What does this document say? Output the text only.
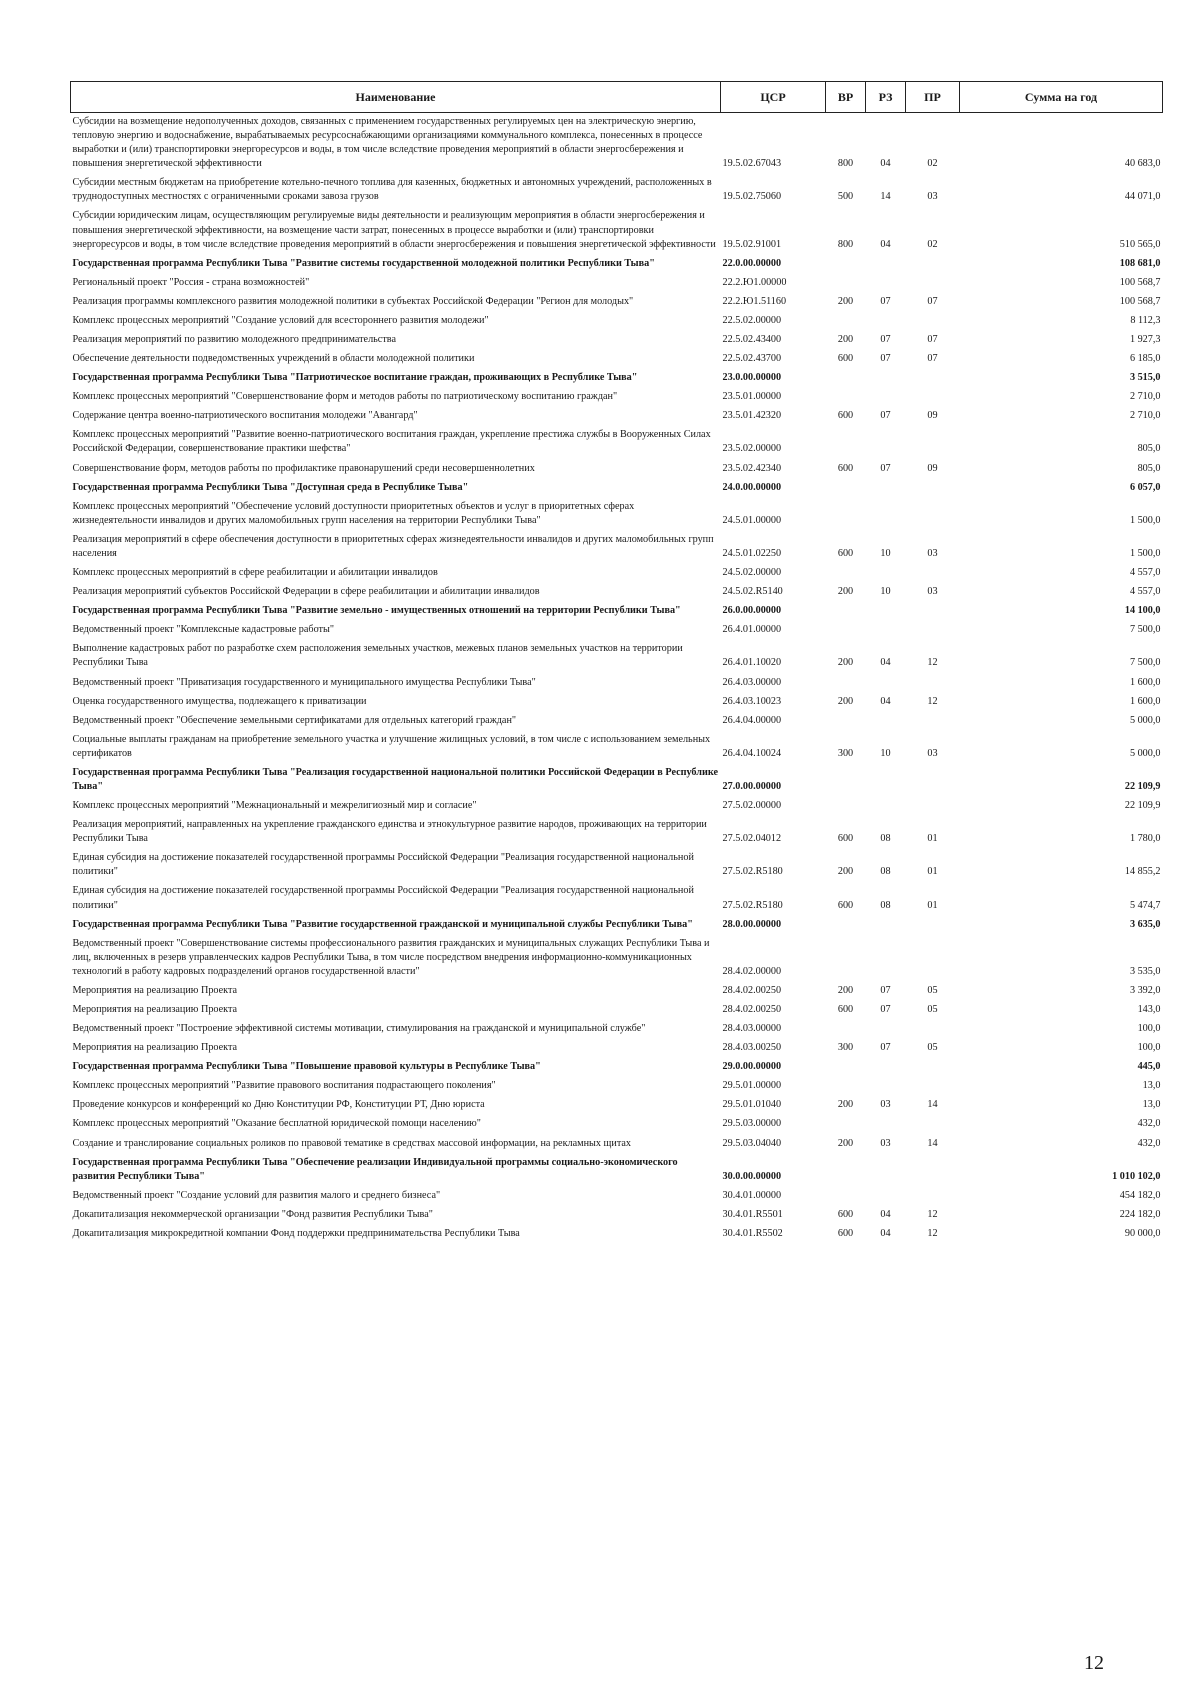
Наименование	ЦСР	ВР	РЗ	ПР	Сумма на год
Субсидии на возмещение недополученных доходов, связанных с применением государственных регулируемых цен на электрическую энергию, тепловую энергию и водоснабжение, вырабатываемых ресурсоснабжающими организациями коммунального комплекса, понесенных в процессе выработки и (или) транспортировки энергоресурсов и воды, в том числе вследствие проведения мероприятий в области энергосбережения и повышения энергетической эффективности	19.5.02.67043	800	04	02	40 683,0
Субсидии местным бюджетам на приобретение котельно-печного топлива для казенных, бюджетных и автономных учреждений, расположенных в труднодоступных местностях с ограниченными сроками завоза грузов	19.5.02.75060	500	14	03	44 071,0
Субсидии юридическим лицам, осуществляющим регулируемые виды деятельности и реализующим мероприятия в области энергосбережения и повышения энергетической эффективности, на возмещение части затрат, понесенных в процессе выработки и (или) транспортировки энергоресурсов и воды, в том числе вследствие проведения мероприятий в области энергосбережения и повышения энергетической эффективности	19.5.02.91001	800	04	02	510 565,0
Государственная программа Республики Тыва "Развитие системы государственной молодежной политики Республики Тыва"	22.0.00.00000				108 681,0
Региональный проект "Россия - страна возможностей"	22.2.Ю1.00000				100 568,7
Реализация программы комплексного развития молодежной политики в субъектах Российской Федерации "Регион для молодых"	22.2.Ю1.51160	200	07	07	100 568,7
Комплекс процессных мероприятий "Создание условий для всестороннего развития молодежи"	22.5.02.00000				8 112,3
Реализация мероприятий по развитию молодежного предпринимательства	22.5.02.43400	200	07	07	1 927,3
Обеспечение деятельности подведомственных учреждений в области молодежной политики	22.5.02.43700	600	07	07	6 185,0
Государственная программа Республики Тыва "Патриотическое воспитание граждан, проживающих в Республике Тыва"	23.0.00.00000				3 515,0
Комплекс процессных мероприятий "Совершенствование форм и методов работы по патриотическому воспитанию граждан"	23.5.01.00000				2 710,0
Содержание центра военно-патриотического воспитания молодежи "Авангард"	23.5.01.42320	600	07	09	2 710,0
Комплекс процессных мероприятий "Развитие военно-патриотического воспитания граждан, укрепление престижа службы в Вооруженных Силах Российской Федерации, совершенствование практики шефства"	23.5.02.00000				805,0
Совершенствование форм, методов работы по профилактике правонарушений среди несовершеннолетних	23.5.02.42340	600	07	09	805,0
Государственная программа Республики Тыва "Доступная среда в Республике Тыва"	24.0.00.00000				6 057,0
Комплекс процессных мероприятий "Обеспечение условий доступности приоритетных объектов и услуг в приоритетных сферах жизнедеятельности инвалидов и других маломобильных групп населения на территории Республики Тыва"	24.5.01.00000				1 500,0
Реализация мероприятий в сфере обеспечения доступности в приоритетных сферах жизнедеятельности инвалидов и других маломобильных групп населения	24.5.01.02250	600	10	03	1 500,0
Комплекс процессных мероприятий в сфере реабилитации и абилитации инвалидов	24.5.02.00000				4 557,0
Реализация мероприятий субъектов Российской Федерации в сфере реабилитации и абилитации инвалидов	24.5.02.R5140	200	10	03	4 557,0
Государственная программа Республики Тыва "Развитие земельно - имущественных отношений на территории Республики Тыва"	26.0.00.00000				14 100,0
Ведомственный проект "Комплексные кадастровые работы"	26.4.01.00000				7 500,0
Выполнение кадастровых работ по разработке схем расположения земельных участков, межевых планов земельных участков на территории Республики Тыва	26.4.01.10020	200	04	12	7 500,0
Ведомственный проект "Приватизация государственного и муниципального имущества Республики Тыва"	26.4.03.00000				1 600,0
Оценка государственного имущества, подлежащего к приватизации	26.4.03.10023	200	04	12	1 600,0
Ведомственный проект "Обеспечение земельными сертификатами для отдельных категорий граждан"	26.4.04.00000				5 000,0
Социальные выплаты гражданам на приобретение земельного участка и улучшение жилищных условий, в том числе с использованием земельных сертификатов	26.4.04.10024	300	10	03	5 000,0
Государственная программа Республики Тыва "Реализация государственной национальной политики Российской Федерации в Республике Тыва"	27.0.00.00000				22 109,9
Комплекс процессных мероприятий "Межнациональный и межрелигиозный мир и согласие"	27.5.02.00000				22 109,9
Реализация мероприятий, направленных на укрепление гражданского единства и этнокультурное развитие народов, проживающих на территории Республики Тыва	27.5.02.04012	600	08	01	1 780,0
Единая субсидия на достижение показателей государственной программы Российской Федерации "Реализация государственной национальной политики"	27.5.02.R5180	200	08	01	14 855,2
Единая субсидия на достижение показателей государственной программы Российской Федерации "Реализация государственной национальной политики"	27.5.02.R5180	600	08	01	5 474,7
Государственная программа Республики Тыва "Развитие государственной гражданской и муниципальной службы Республики Тыва"	28.0.00.00000				3 635,0
Ведомственный проект "Совершенствование системы профессионального развития гражданских и муниципальных служащих Республики Тыва и лиц, включенных в резерв управленческих кадров Республики Тыва, в том числе посредством внедрения информационно-коммуникационных технологий в работу кадровых подразделений органов государственной власти"	28.4.02.00000				3 535,0
Мероприятия на реализацию Проекта	28.4.02.00250	200	07	05	3 392,0
Мероприятия на реализацию Проекта	28.4.02.00250	600	07	05	143,0
Ведомственный проект "Построение эффективной системы мотивации, стимулирования на гражданской и муниципальной службе"	28.4.03.00000				100,0
Мероприятия на реализацию Проекта	28.4.03.00250	300	07	05	100,0
Государственная программа Республики Тыва "Повышение правовой культуры в Республике Тыва"	29.0.00.00000				445,0
Комплекс процессных мероприятий "Развитие правового воспитания подрастающего поколения"	29.5.01.00000				13,0
Проведение конкурсов и конференций ко Дню Конституции РФ, Конституции РТ, Дню юриста	29.5.01.01040	200	03	14	13,0
Комплекс процессных мероприятий "Оказание бесплатной юридической помощи населению"	29.5.03.00000				432,0
Создание и транслирование социальных роликов по правовой тематике в средствах массовой информации, на рекламных щитах	29.5.03.04040	200	03	14	432,0
Государственная программа Республики Тыва "Обеспечение реализации Индивидуальной программы социально-экономического развития Республики Тыва"	30.0.00.00000				1 010 102,0
Ведомственный проект "Создание условий для развития малого и среднего бизнеса"	30.4.01.00000				454 182,0
Докапитализация некоммерческой организации "Фонд развития Республики Тыва"	30.4.01.R5501	600	04	12	224 182,0
Докапитализация микрокредитной компании Фонд поддержки предпринимательства Республики Тыва	30.4.01.R5502	600	04	12	90 000,0
12
